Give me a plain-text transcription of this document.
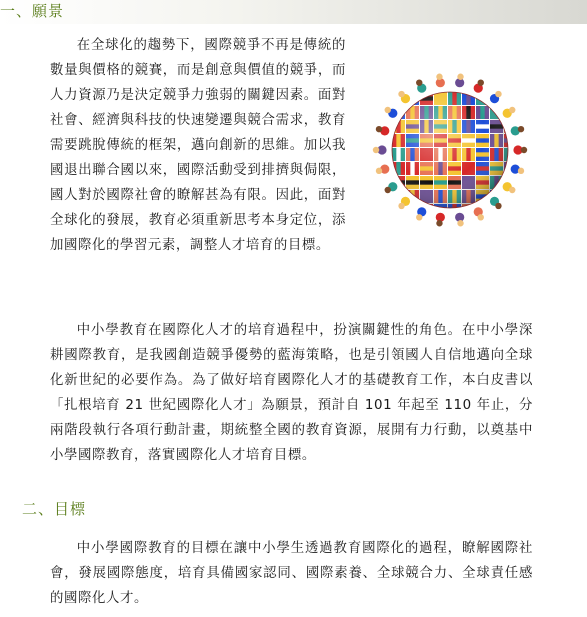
一、願景

在全球化的趨勢下，國際競爭不再是傳統的數量與價格的競賽，而是創意與價值的競爭，而人力資源乃是決定競爭力強弱的關鍵因素。面對社會、經濟與科技的快速變遷與競合需求，教育需要跳脫傳統的框架，邁向創新的思維。加以我國退出聯合國以來，國際活動受到排擠與侷限，國人對於國際社會的瞭解甚為有限。因此，面對全球化的發展，教育必須重新思考本身定位，添加國際化的學習元素，調整人才培育的目標。

中小學教育在國際化人才的培育過程中，扮演關鍵性的角色。在中小學深耕國際教育，是我國創造競爭優勢的藍海策略，也是引領國人自信地邁向全球化新世紀的必要作為。為了做好培育國際化人才的基礎教育工作，本白皮書以「扎根培育 21 世紀國際化人才」為願景，預計自 101 年起至 110 年止，分兩階段執行各項行動計畫，期統整全國的教育資源，展開有力行動，以奠基中小學國際教育，落實國際化人才培育目標。

二、目標

中小學國際教育的目標在讓中小學生透過教育國際化的過程，瞭解國際社會，發展國際態度，培育具備國家認同、國際素養、全球競合力、全球責任感的國際化人才。
